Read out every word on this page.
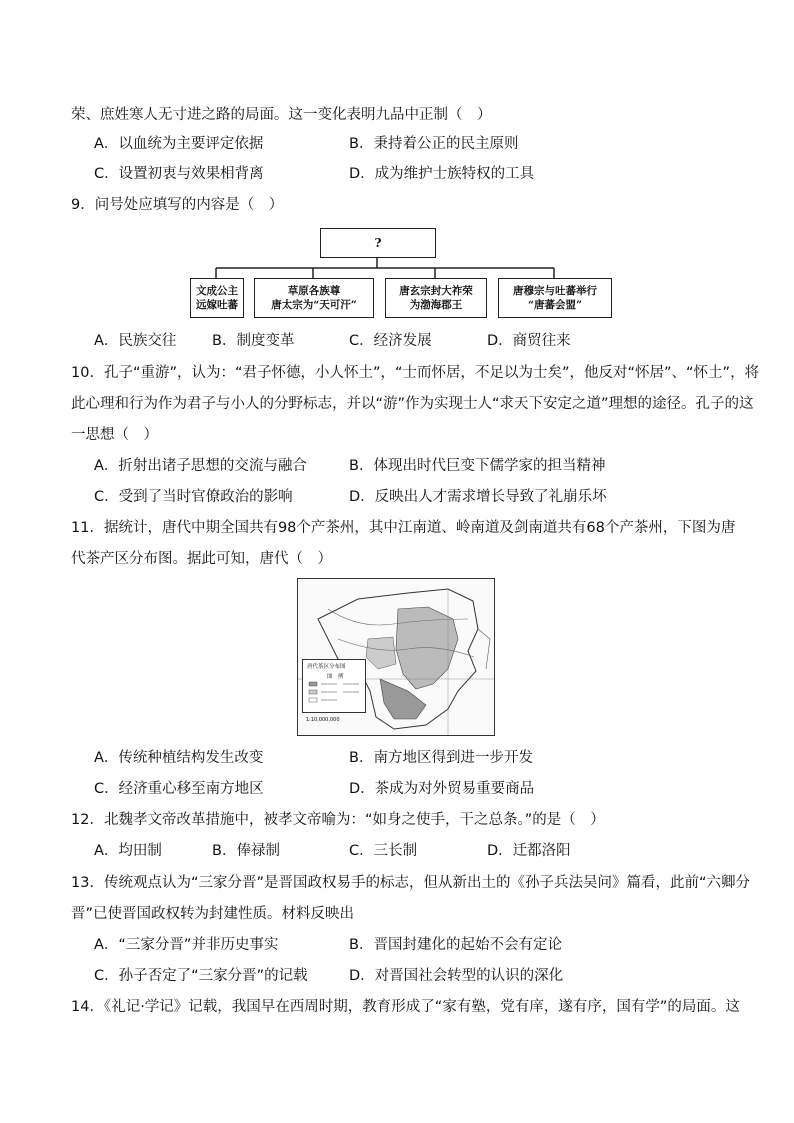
荣、庶姓寒人无寸进之路的局面。这一变化表明九品中正制（　）
A．以血统为主要评定依据	B．秉持着公正的民主原则
C．设置初衷与效果相背离	D．成为维护士族特权的工具
9．问号处应填写的内容是（　）
?
文成公主
远嫁吐蕃
草原各族尊
唐太宗为“天可汗”
唐玄宗封大祚荣
为渤海郡王
唐穆宗与吐蕃举行
“唐蕃会盟”
A．民族交往 B．制度变革	C．经济发展	D．商贸往来
10．孔子“重游”，认为：“君子怀德，小人怀土”，“士而怀居，不足以为士矣”，他反对“怀居”、“怀土”，将
此心理和行为作为君子与小人的分野标志，并以“游”作为实现士人“求天下安定之道”理想的途径。孔子的这
一思想（　）
A．折射出诸子思想的交流与融合	B．体现出时代巨变下儒学家的担当精神
C．受到了当时官僚政治的影响	D．反映出人才需求增长导致了礼崩乐坏
11．据统计，唐代中期全国共有98个产茶州，其中江南道、岭南道及剑南道共有68个产茶州，下图为唐
代茶产区分布图。据此可知，唐代（　）
唐代茶区分布图
图　例
1:10,000,000
A．传统种植结构发生改变	B．南方地区得到进一步开发
C．经济重心移至南方地区	D．茶成为对外贸易重要商品
12．北魏孝文帝改革措施中，被孝文帝喻为：“如身之使手，干之总条。”的是（　）
A．均田制	B．俸禄制	C．三长制	D．迁都洛阳
13．传统观点认为“三家分晋”是晋国政权易手的标志，但从新出土的《孙子兵法吴问》篇看，此前“六卿分
晋”已使晋国政权转为封建性质。材料反映出
A．“三家分晋”并非历史事实	B．晋国封建化的起始不会有定论
C．孙子否定了“三家分晋”的记载	D．对晋国社会转型的认识的深化
14．《礼记·学记》记载，我国早在西周时期，教育形成了“家有塾，党有庠，遂有序，国有学”的局面。这
